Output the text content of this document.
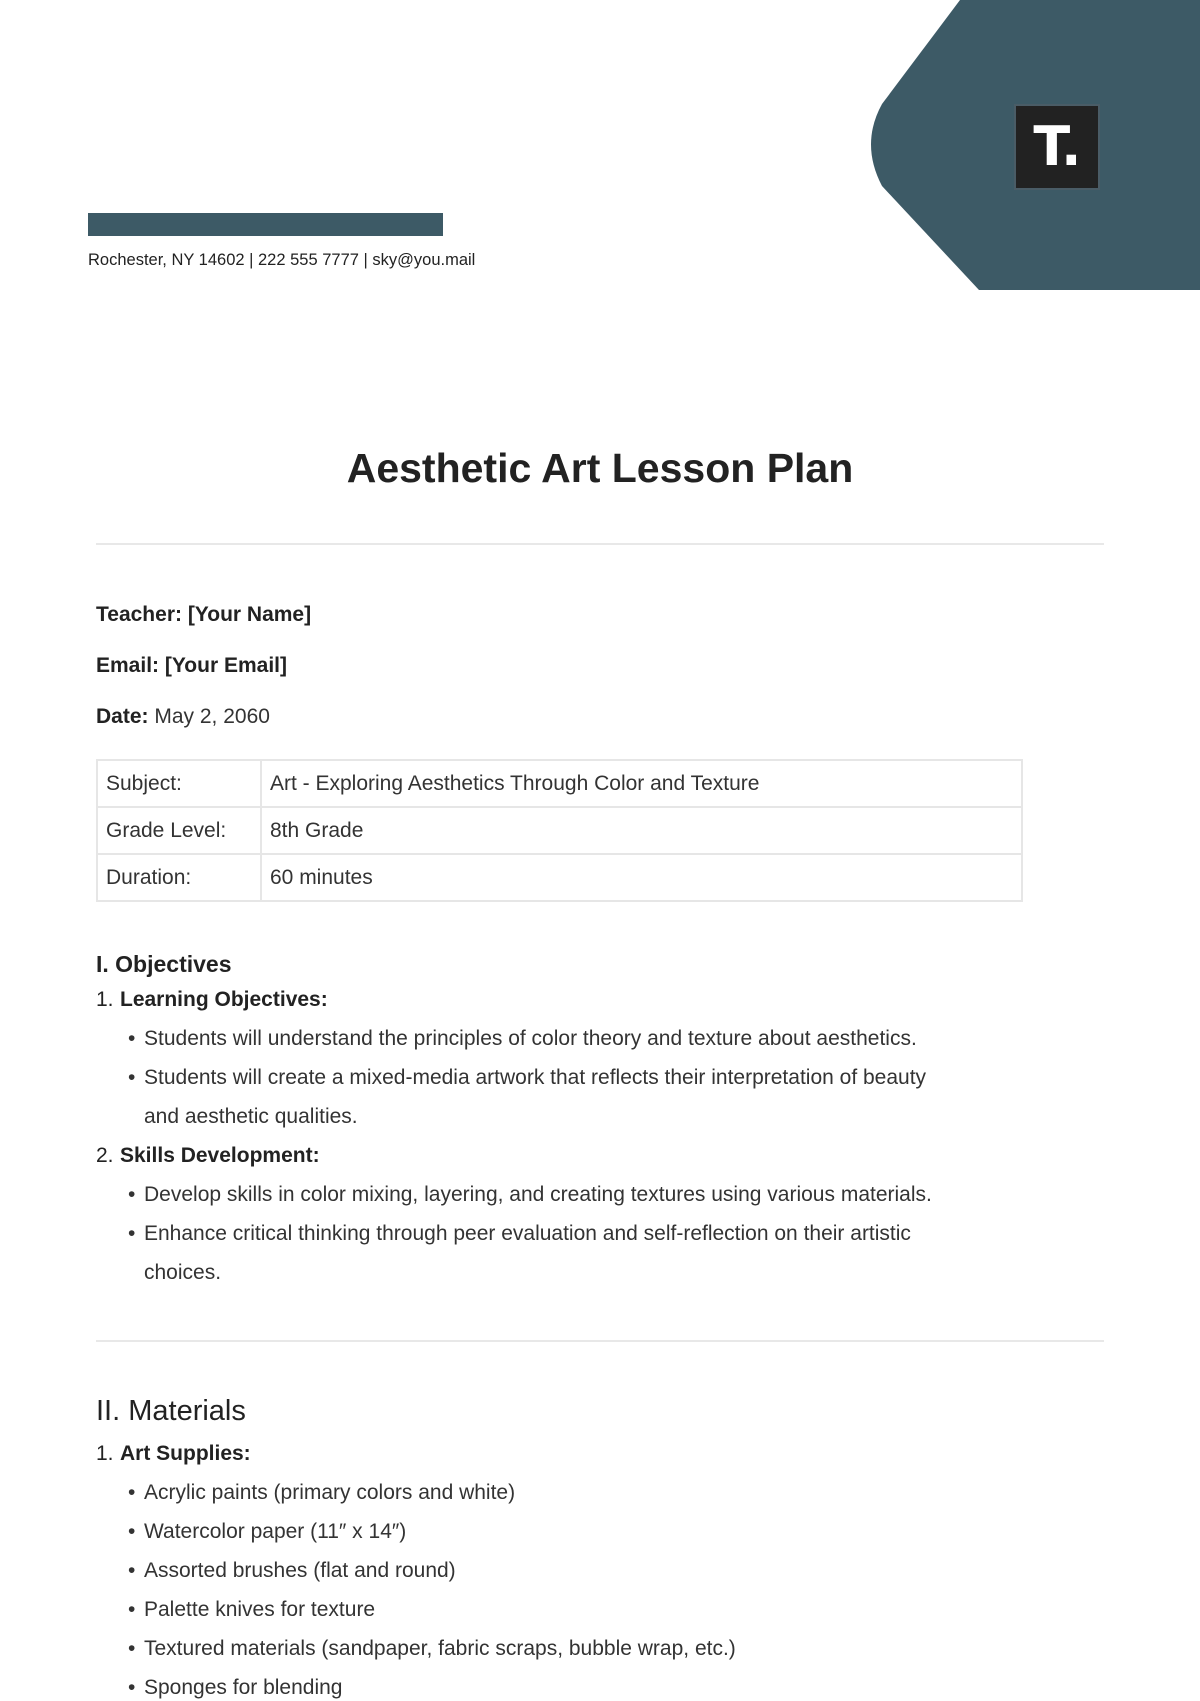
T.
Rochester, NY 14602 | 222 555 7777 | sky@you.mail
Aesthetic Art Lesson Plan
Teacher: [Your Name]
Email: [Your Email]
Date: May 2, 2060
Subject:	Art - Exploring Aesthetics Through Color and Texture
Grade Level:	8th Grade
Duration:	60 minutes
I. Objectives
1. Learning Objectives:
• Students will understand the principles of color theory and texture about aesthetics.
• Students will create a mixed-media artwork that reflects their interpretation of beauty
and aesthetic qualities.
2. Skills Development:
• Develop skills in color mixing, layering, and creating textures using various materials.
• Enhance critical thinking through peer evaluation and self-reflection on their artistic
choices.
II. Materials
1. Art Supplies:
• Acrylic paints (primary colors and white)
• Watercolor paper (11″ x 14″)
• Assorted brushes (flat and round)
• Palette knives for texture
• Textured materials (sandpaper, fabric scraps, bubble wrap, etc.)
• Sponges for blending
